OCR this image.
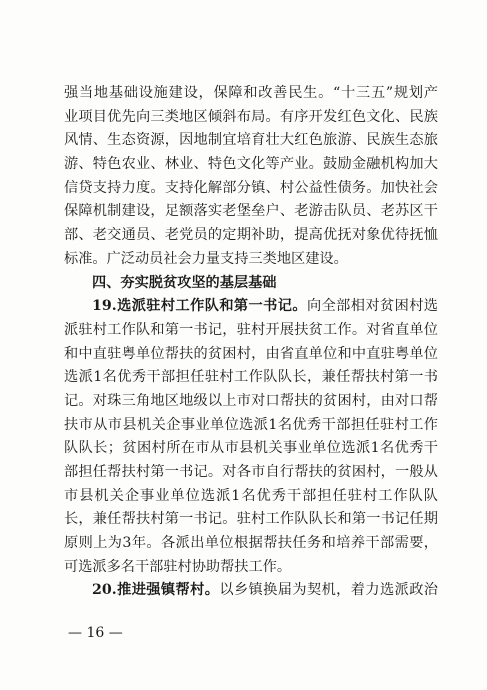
强当地基础设施建设，保障和改善民生。“十三五”规划产
业项目优先向三类地区倾斜布局。有序开发红色文化、民族
风情、生态资源，因地制宜培育壮大红色旅游、民族生态旅
游、特色农业、林业、特色文化等产业。鼓励金融机构加大
信贷支持力度。支持化解部分镇、村公益性债务。加快社会
保障机制建设，足额落实老堡垒户、老游击队员、老苏区干
部、老交通员、老党员的定期补助，提高优抚对象优待抚恤
标准。广泛动员社会力量支持三类地区建设。
四、夯实脱贫攻坚的基层基础
19.选派驻村工作队和第一书记。向全部相对贫困村选
派驻村工作队和第一书记，驻村开展扶贫工作。对省直单位
和中直驻粤单位帮扶的贫困村，由省直单位和中直驻粤单位
选派1名优秀干部担任驻村工作队队长，兼任帮扶村第一书
记。对珠三角地区地级以上市对口帮扶的贫困村，由对口帮
扶市从市县机关企事业单位选派1名优秀干部担任驻村工作
队队长；贫困村所在市从市县机关事业单位选派1名优秀干
部担任帮扶村第一书记。对各市自行帮扶的贫困村，一般从
市县机关企事业单位选派1名优秀干部担任驻村工作队队
长，兼任帮扶村第一书记。驻村工作队队长和第一书记任期
原则上为3年。各派出单位根据帮扶任务和培养干部需要，
可选派多名干部驻村协助帮扶工作。
20.推进强镇帮村。以乡镇换届为契机，着力选派政治
— 16 —
